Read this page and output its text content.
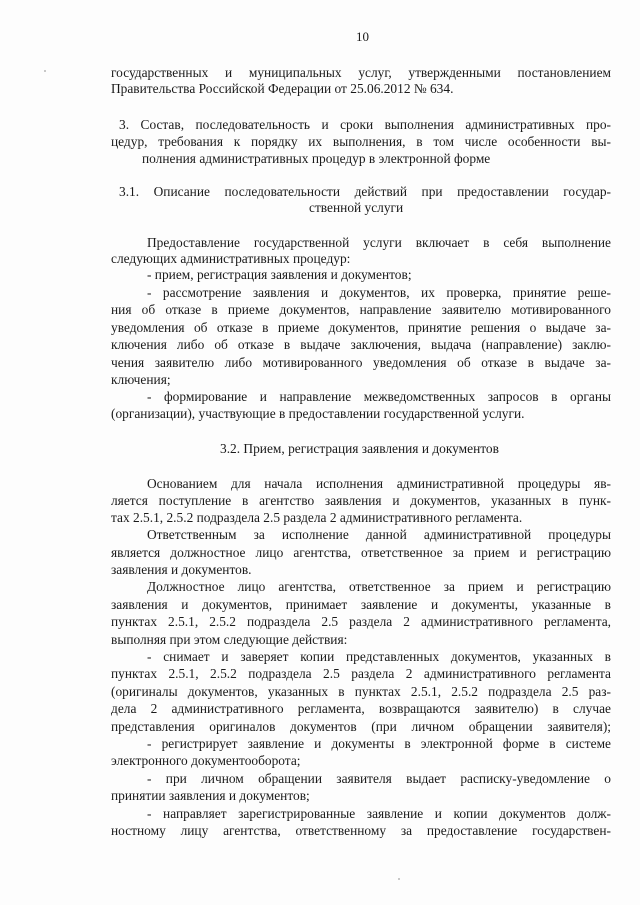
10
государственных и муниципальных услуг, утвержденными постановлением
Правительства Российской Федерации от 25.06.2012 № 634.
3. Состав, последовательность и сроки выполнения административных про-
цедур, требования к порядку их выполнения, в том числе особенности вы-
полнения административных процедур в электронной форме
3.1. Описание последовательности действий при предоставлении государ-
ственной услуги
Предоставление государственной услуги включает в себя выполнение
следующих административных процедур:
- прием, регистрация заявления и документов;
- рассмотрение заявления и документов, их проверка, принятие реше-
ния об отказе в приеме документов, направление заявителю мотивированного
уведомления об отказе в приеме документов, принятие решения о выдаче за-
ключения либо об отказе в выдаче заключения, выдача (направление) заклю-
чения заявителю либо мотивированного уведомления об отказе в выдаче за-
ключения;
- формирование и направление межведомственных запросов в органы
(организации), участвующие в предоставлении государственной услуги.
3.2. Прием, регистрация заявления и документов
Основанием для начала исполнения административной процедуры яв-
ляется поступление в агентство заявления и документов, указанных в пунк-
тах 2.5.1, 2.5.2 подраздела 2.5 раздела 2 административного регламента.
Ответственным за исполнение данной административной процедуры
является должностное лицо агентства, ответственное за прием и регистрацию
заявления и документов.
Должностное лицо агентства, ответственное за прием и регистрацию
заявления и документов, принимает заявление и документы, указанные в
пунктах 2.5.1, 2.5.2 подраздела 2.5 раздела 2 административного регламента,
выполняя при этом следующие действия:
- снимает и заверяет копии представленных документов, указанных в
пунктах 2.5.1, 2.5.2 подраздела 2.5 раздела 2 административного регламента
(оригиналы документов, указанных в пунктах 2.5.1, 2.5.2 подраздела 2.5 раз-
дела 2 административного регламента, возвращаются заявителю) в случае
представления оригиналов документов (при личном обращении заявителя);
- регистрирует заявление и документы в электронной форме в системе
электронного документооборота;
- при личном обращении заявителя выдает расписку-уведомление о
принятии заявления и документов;
- направляет зарегистрированные заявление и копии документов долж-
ностному лицу агентства, ответственному за предоставление государствен-
